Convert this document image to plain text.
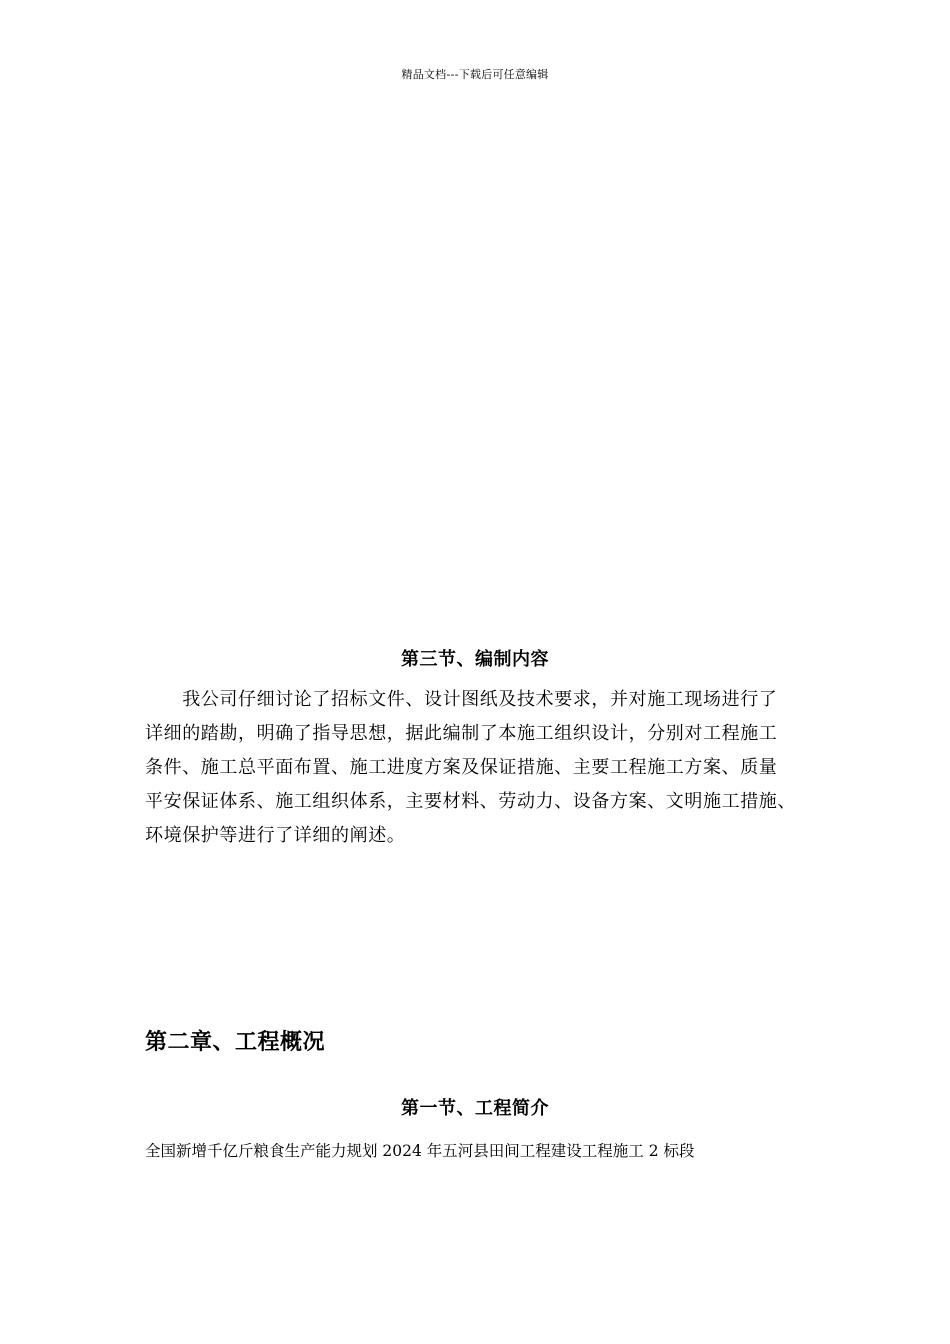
精品文档---下载后可任意编辑
第三节、编制内容

　　我公司仔细讨论了招标文件、设计图纸及技术要求，并对施工现场进行了
详细的踏勘，明确了指导思想，据此编制了本施工组织设计，分别对工程施工
条件、施工总平面布置、施工进度方案及保证措施、主要工程施工方案、质量
平安保证体系、施工组织体系，主要材料、劳动力、设备方案、文明施工措施、
环境保护等进行了详细的阐述。

第二章、工程概况
第一节、工程简介
全国新增千亿斤粮食生产能力规划 2024 年五河县田间工程建设工程施工 2 标段
